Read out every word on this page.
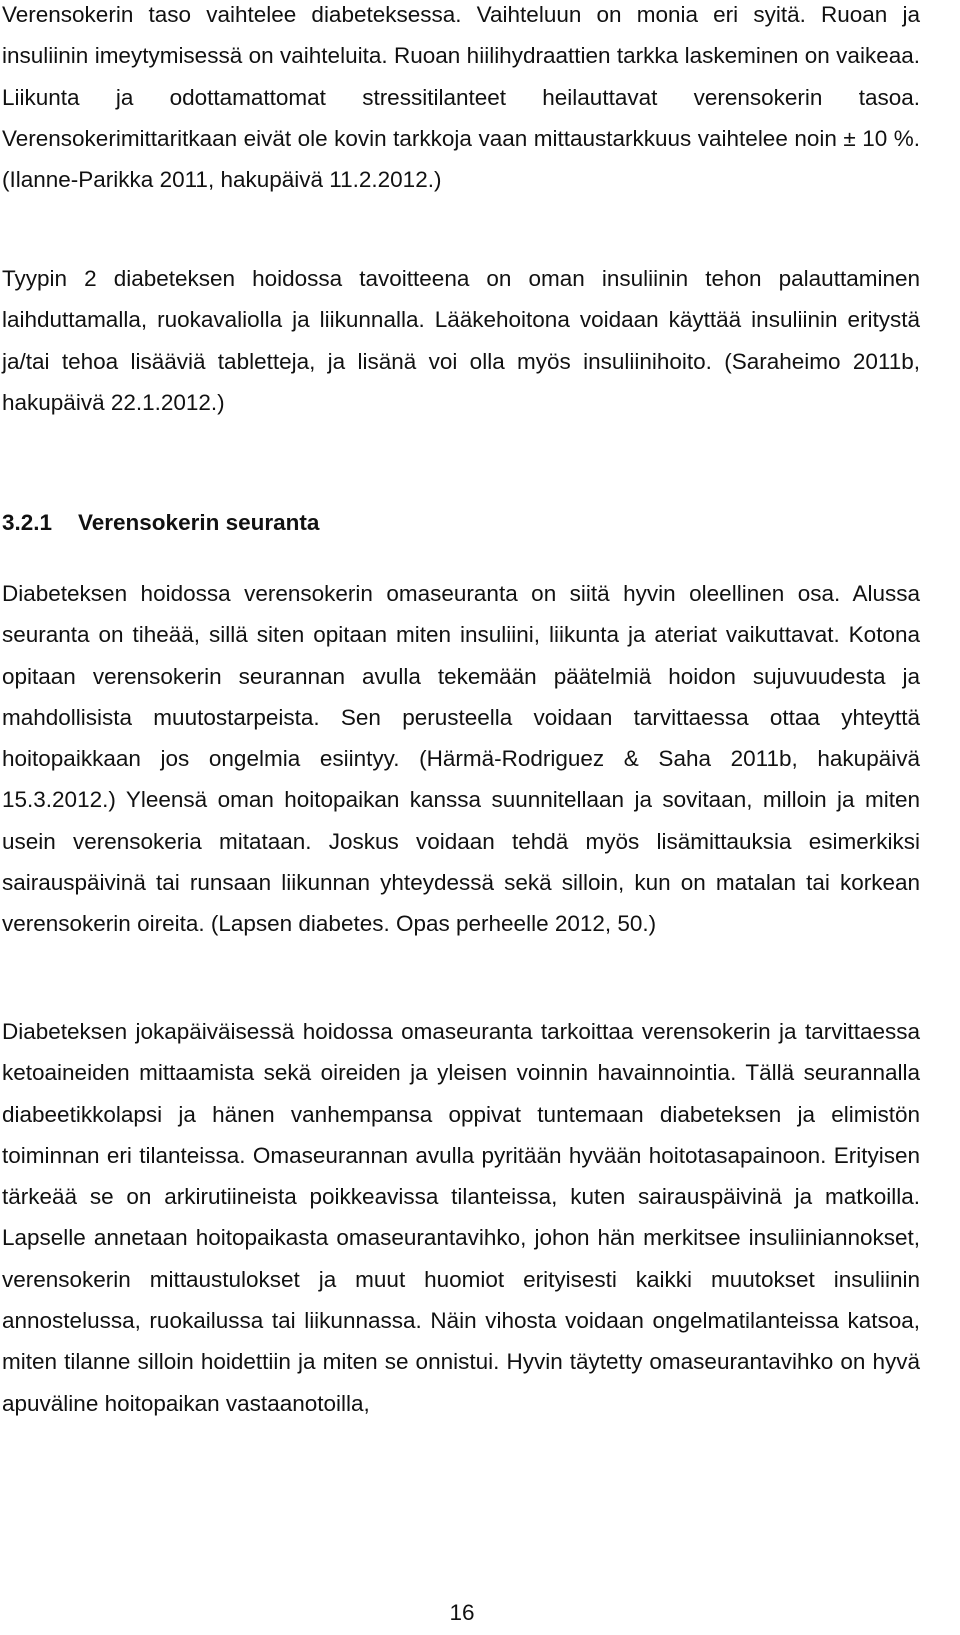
Verensokerin taso vaihtelee diabeteksessa. Vaihteluun on monia eri syitä. Ruoan ja insuliinin imeytymisessä on vaihteluita. Ruoan hiilihydraattien tarkka laskeminen on vaikeaa. Liikunta ja odottamattomat stressitilanteet heilauttavat verensokerin tasoa. Verensokerimittaritkaan eivät ole kovin tarkkoja vaan mittaustarkkuus vaihtelee noin ± 10 %. (Ilanne-Parikka 2011, hakupäivä 11.2.2012.)

Tyypin 2 diabeteksen hoidossa tavoitteena on oman insuliinin tehon palauttaminen laihduttamalla, ruokavaliolla ja liikunnalla. Lääkehoitona voidaan käyttää insuliinin eritystä ja/tai tehoa lisääviä tabletteja, ja lisänä voi olla myös insuliinihoito. (Saraheimo 2011b, hakupäivä 22.1.2012.)

3.2.1 Verensokerin seuranta

Diabeteksen hoidossa verensokerin omaseuranta on siitä hyvin oleellinen osa. Alussa seuranta on tiheää, sillä siten opitaan miten insuliini, liikunta ja ateriat vaikuttavat. Kotona opitaan verensokerin seurannan avulla tekemään päätelmiä hoidon sujuvuudesta ja mahdollisista muutostarpeista. Sen perusteella voidaan tarvittaessa ottaa yhteyttä hoitopaikkaan jos ongelmia esiintyy. (Härmä-Rodriguez & Saha 2011b, hakupäivä 15.3.2012.) Yleensä oman hoitopaikan kanssa suunnitellaan ja sovitaan, milloin ja miten usein verensokeria mitataan. Joskus voidaan tehdä myös lisämittauksia esimerkiksi sairauspäivinä tai runsaan liikunnan yhteydessä sekä silloin, kun on matalan tai korkean verensokerin oireita. (Lapsen diabetes. Opas perheelle 2012, 50.)

Diabeteksen jokapäiväisessä hoidossa omaseuranta tarkoittaa verensokerin ja tarvittaessa ketoaineiden mittaamista sekä oireiden ja yleisen voinnin havainnointia. Tällä seurannalla diabeetikkolapsi ja hänen vanhempansa oppivat tuntemaan diabeteksen ja elimistön toiminnan eri tilanteissa. Omaseurannan avulla pyritään hyvään hoitotasapainoon. Erityisen tärkeää se on arkirutiineista poikkeavissa tilanteissa, kuten sairauspäivinä ja matkoilla. Lapselle annetaan hoitopaikasta omaseurantavihko, johon hän merkitsee insuliiniannokset, verensokerin mittaustulokset ja muut huomiot erityisesti kaikki muutokset insuliinin annostelussa, ruokailussa tai liikunnassa. Näin vihosta voidaan ongelmatilanteissa katsoa, miten tilanne silloin hoidettiin ja miten se onnistui. Hyvin täytetty omaseurantavihko on hyvä apuväline hoitopaikan vastaanotoilla,

16
